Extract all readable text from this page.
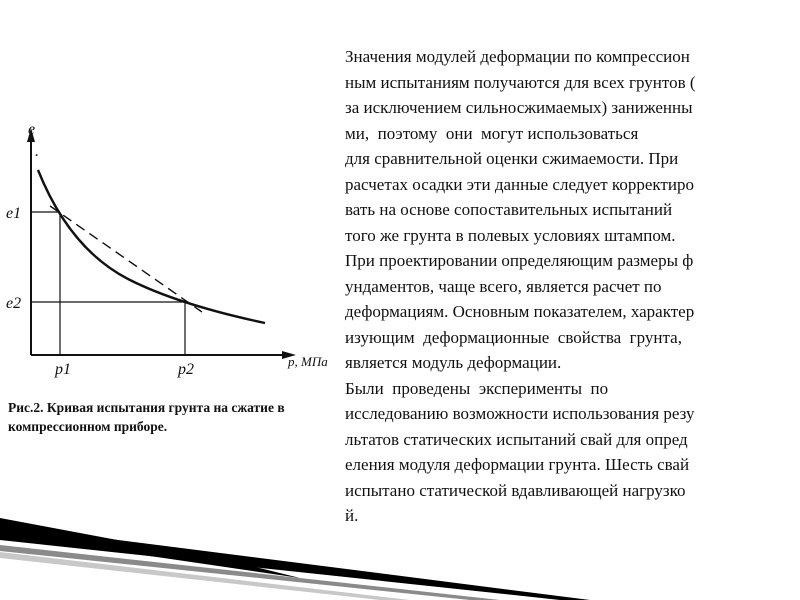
e
.
e1
e2
p1	p2	p, МПа
Рис.2. Кривая испытания грунта на сжатие в
компрессионном приборе.
Значения модулей деформации по компрессион
ным испытаниям получаются для всех грунтов (
за исключением сильносжимаемых) заниженны
ми,  поэтому  они  могут использоваться
для сравнительной оценки сжимаемости. При
расчетах осадки эти данные следует корректиро
вать на основе сопоставительных испытаний
того же грунта в полевых условиях штампом.
При проектировании определяющим размеры ф
ундаментов, чаще всего, является расчет по
деформациям. Основным показателем, характер
изующим  деформационные  свойства  грунта,
является модуль деформации.
Были  проведены  эксперименты  по
исследованию возможности использования резу
льтатов статических испытаний свай для опред
еления модуля деформации грунта. Шесть свай
испытано статической вдавливающей нагрузко
й.
